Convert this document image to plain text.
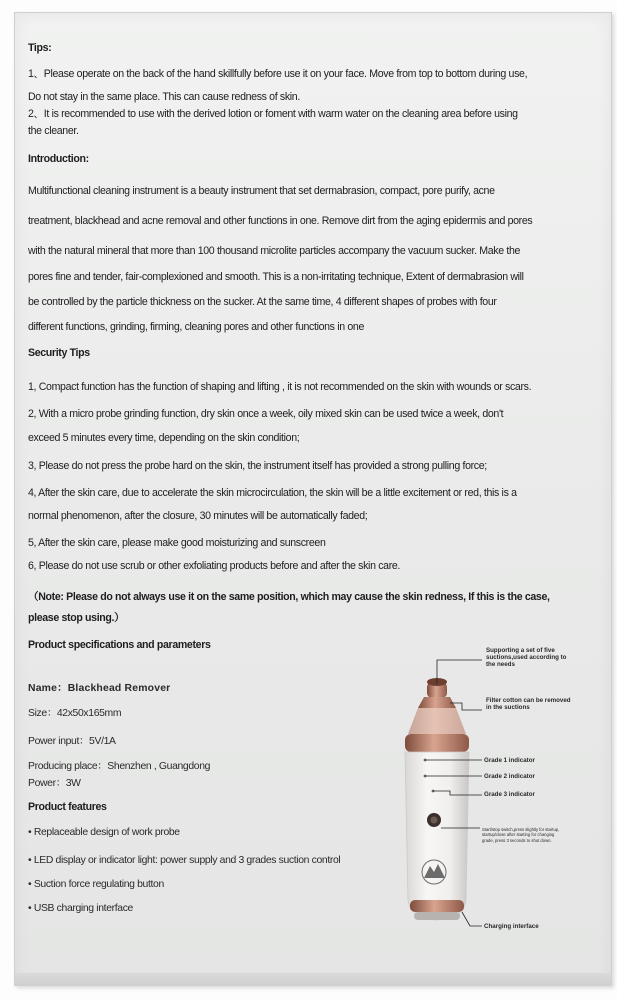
Tips:
1、Please operate on the back of the hand skillfully before use it on your face. Move from top to bottom during use,
Do not stay in the same place. This can cause redness of skin.
2、It is recommended to use with the derived lotion or foment with warm water on the cleaning area before using
the cleaner.
Introduction:
Multifunctional cleaning instrument is a beauty instrument that set dermabrasion, compact, pore purify, acne
treatment, blackhead and acne removal and other functions in one. Remove dirt from the aging epidermis and pores
with the natural mineral that more than 100 thousand microlite particles accompany the vacuum sucker. Make the
pores fine and tender, fair-complexioned and smooth. This is a non-irritating technique, Extent of dermabrasion will
be controlled by the particle thickness on the sucker. At the same time, 4 different shapes of probes with four
different functions, grinding, firming, cleaning pores and other functions in one
Security Tips
1, Compact function has the function of shaping and lifting , it is not recommended on the skin with wounds or scars.
2, With a micro probe grinding function, dry skin once a week, oily mixed skin can be used twice a week, don't
exceed 5 minutes every time, depending on the skin condition;
3, Please do not press the probe hard on the skin, the instrument itself has provided a strong pulling force;
4, After the skin care, due to accelerate the skin microcirculation, the skin will be a little excitement or red, this is a
normal phenomenon, after the closure, 30 minutes will be automatically faded;
5, After the skin care, please make good moisturizing and sunscreen
6, Please do not use scrub or other exfoliating products before and after the skin care.
（Note: Please do not always use it on the same position, which may cause the skin redness, If this is the case,
please stop using.）
Product specifications and parameters
Name：Blackhead Remover
Size：42x50x165mm
Power input：5V/1A
Producing place：Shenzhen , Guangdong
Power：3W
Product features
• Replaceable design of work probe
• LED display or indicator light: power supply and 3 grades suction control
• Suction force regulating button
• USB charging interface
Supporting a set of five suctions,used according to the needs
Filter cotton can be removed in the suctions
Grade 1 indicator
Grade 2 indicator
Grade 3 indicator
Start/stop switch,press slightly for startup, startup/close after starting for changing grade, press 3 seconds to shut down.
Charging interface
